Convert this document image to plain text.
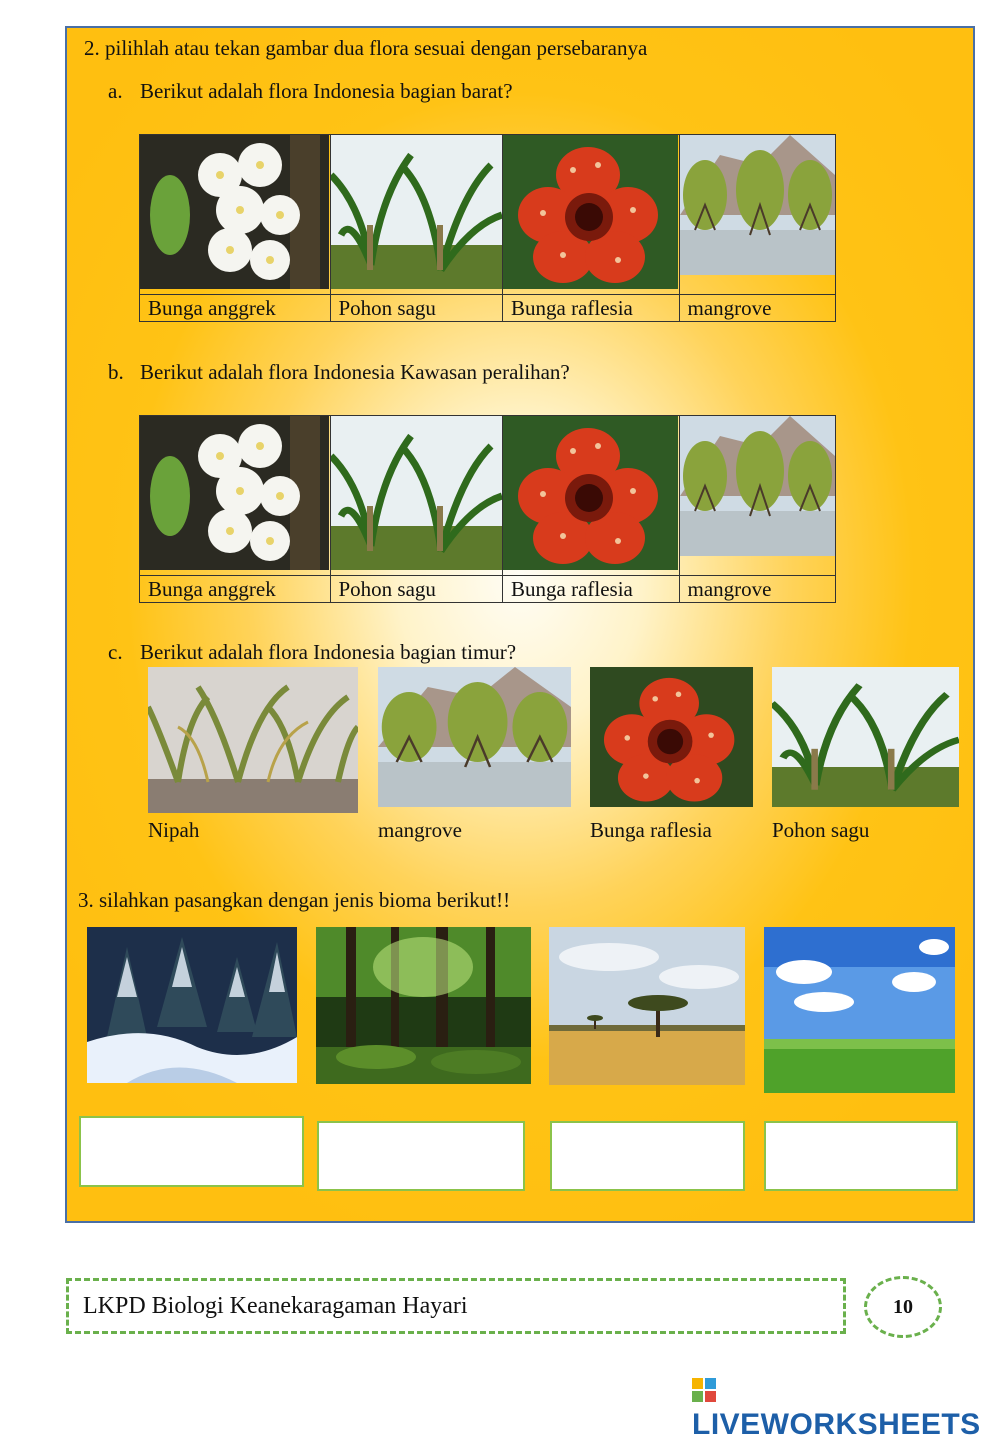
2. pilihlah atau tekan gambar dua flora sesuai dengan persebaranya
a. Berikut adalah flora Indonesia bagian barat?

Bunga anggrek	Pohon sagu	Bunga raflesia	mangrove
b. Berikut adalah flora Indonesia Kawasan peralihan?

Bunga anggrek	Pohon sagu	Bunga raflesia	mangrove
c. Berikut adalah flora Indonesia bagian timur?
Nipah	mangrove	Bunga raflesia	Pohon sagu
3. silahkan pasangkan dengan jenis bioma berikut!!
LKPD Biologi Keanekaragaman Hayari	10
LIVEWORKSHEETS
